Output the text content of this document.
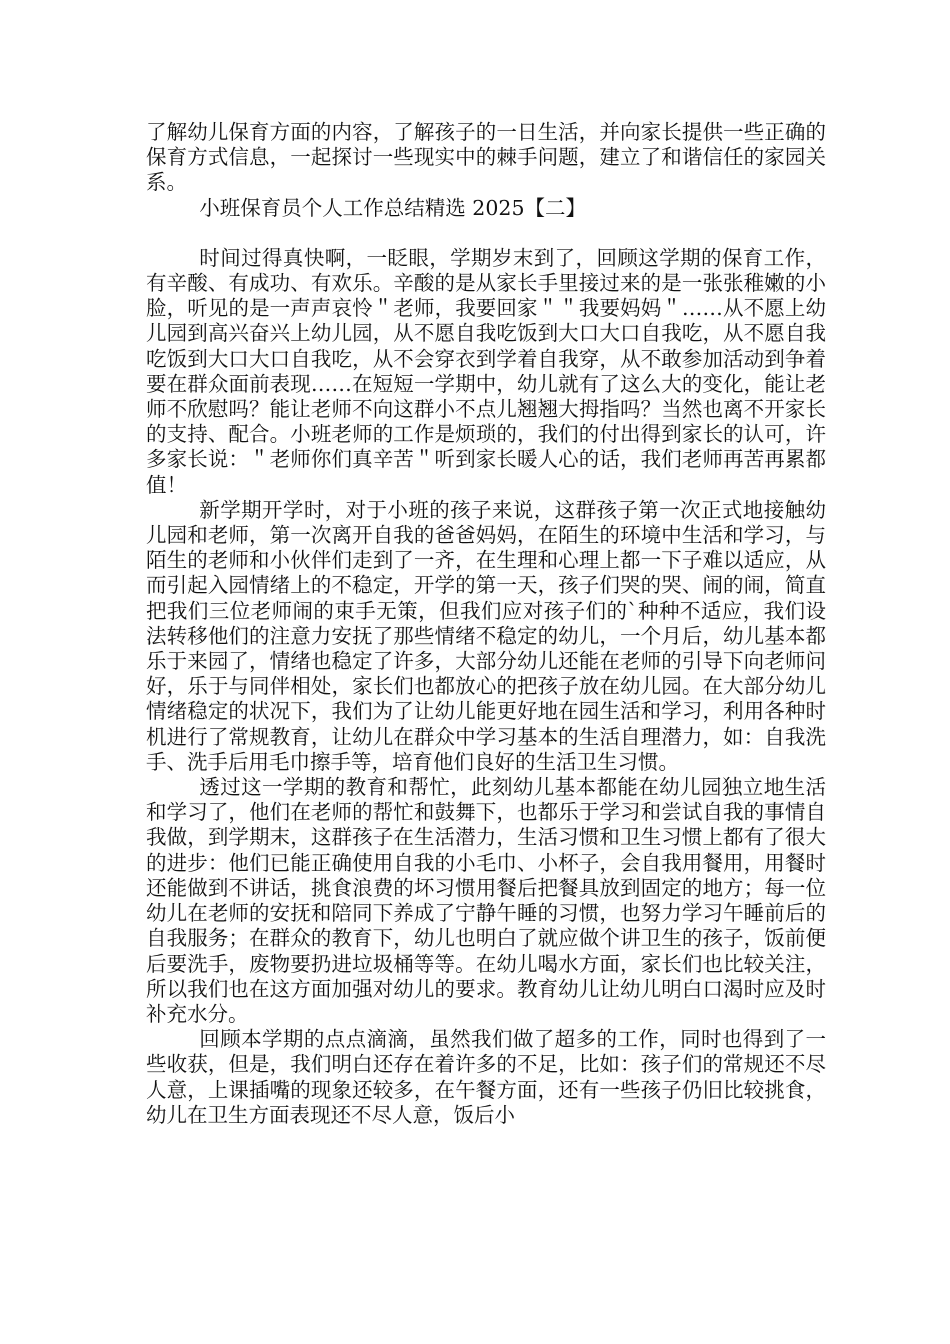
了解幼儿保育方面的内容，了解孩子的一日生活，并向家长提供一些正确的保育方式信息，一起探讨一些现实中的棘手问题，建立了和谐信任的家园关系。

小班保育员个人工作总结精选 2025【二】

时间过得真快啊，一眨眼，学期岁末到了，回顾这学期的保育工作，有辛酸、有成功、有欢乐。辛酸的是从家长手里接过来的是一张张稚嫩的小脸，听见的是一声声哀怜＂老师，我要回家＂＂我要妈妈＂……从不愿上幼儿园到高兴奋兴上幼儿园，从不愿自我吃饭到大口大口自我吃，从不愿自我吃饭到大口大口自我吃，从不会穿衣到学着自我穿，从不敢参加活动到争着要在群众面前表现……在短短一学期中，幼儿就有了这么大的变化，能让老师不欣慰吗？能让老师不向这群小不点儿翘翘大拇指吗？当然也离不开家长的支持、配合。小班老师的工作是烦琐的，我们的付出得到家长的认可，许多家长说：＂老师你们真辛苦＂听到家长暖人心的话，我们老师再苦再累都值！

新学期开学时，对于小班的孩子来说，这群孩子第一次正式地接触幼儿园和老师，第一次离开自我的爸爸妈妈，在陌生的环境中生活和学习，与陌生的老师和小伙伴们走到了一齐，在生理和心理上都一下子难以适应，从而引起入园情绪上的不稳定，开学的第一天，孩子们哭的哭、闹的闹，简直把我们三位老师闹的束手无策，但我们应对孩子们的`种种不适应，我们设法转移他们的注意力安抚了那些情绪不稳定的幼儿，一个月后，幼儿基本都乐于来园了，情绪也稳定了许多，大部分幼儿还能在老师的引导下向老师问好，乐于与同伴相处，家长们也都放心的把孩子放在幼儿园。在大部分幼儿情绪稳定的状况下，我们为了让幼儿能更好地在园生活和学习，利用各种时机进行了常规教育，让幼儿在群众中学习基本的生活自理潜力，如：自我洗手、洗手后用毛巾擦手等，培育他们良好的生活卫生习惯。

透过这一学期的教育和帮忙，此刻幼儿基本都能在幼儿园独立地生活和学习了，他们在老师的帮忙和鼓舞下，也都乐于学习和尝试自我的事情自我做，到学期末，这群孩子在生活潜力，生活习惯和卫生习惯上都有了很大的进步：他们已能正确使用自我的小毛巾、小杯子，会自我用餐用，用餐时还能做到不讲话，挑食浪费的坏习惯用餐后把餐具放到固定的地方；每一位幼儿在老师的安抚和陪同下养成了宁静午睡的习惯，也努力学习午睡前后的自我服务；在群众的教育下，幼儿也明白了就应做个讲卫生的孩子，饭前便后要洗手，废物要扔进垃圾桶等等。在幼儿喝水方面，家长们也比较关注，所以我们也在这方面加强对幼儿的要求。教育幼儿让幼儿明白口渴时应及时补充水分。

回顾本学期的点点滴滴，虽然我们做了超多的工作，同时也得到了一些收获，但是，我们明白还存在着许多的不足，比如：孩子们的常规还不尽人意，上课插嘴的现象还较多，在午餐方面，还有一些孩子仍旧比较挑食，幼儿在卫生方面表现还不尽人意，饭后小
